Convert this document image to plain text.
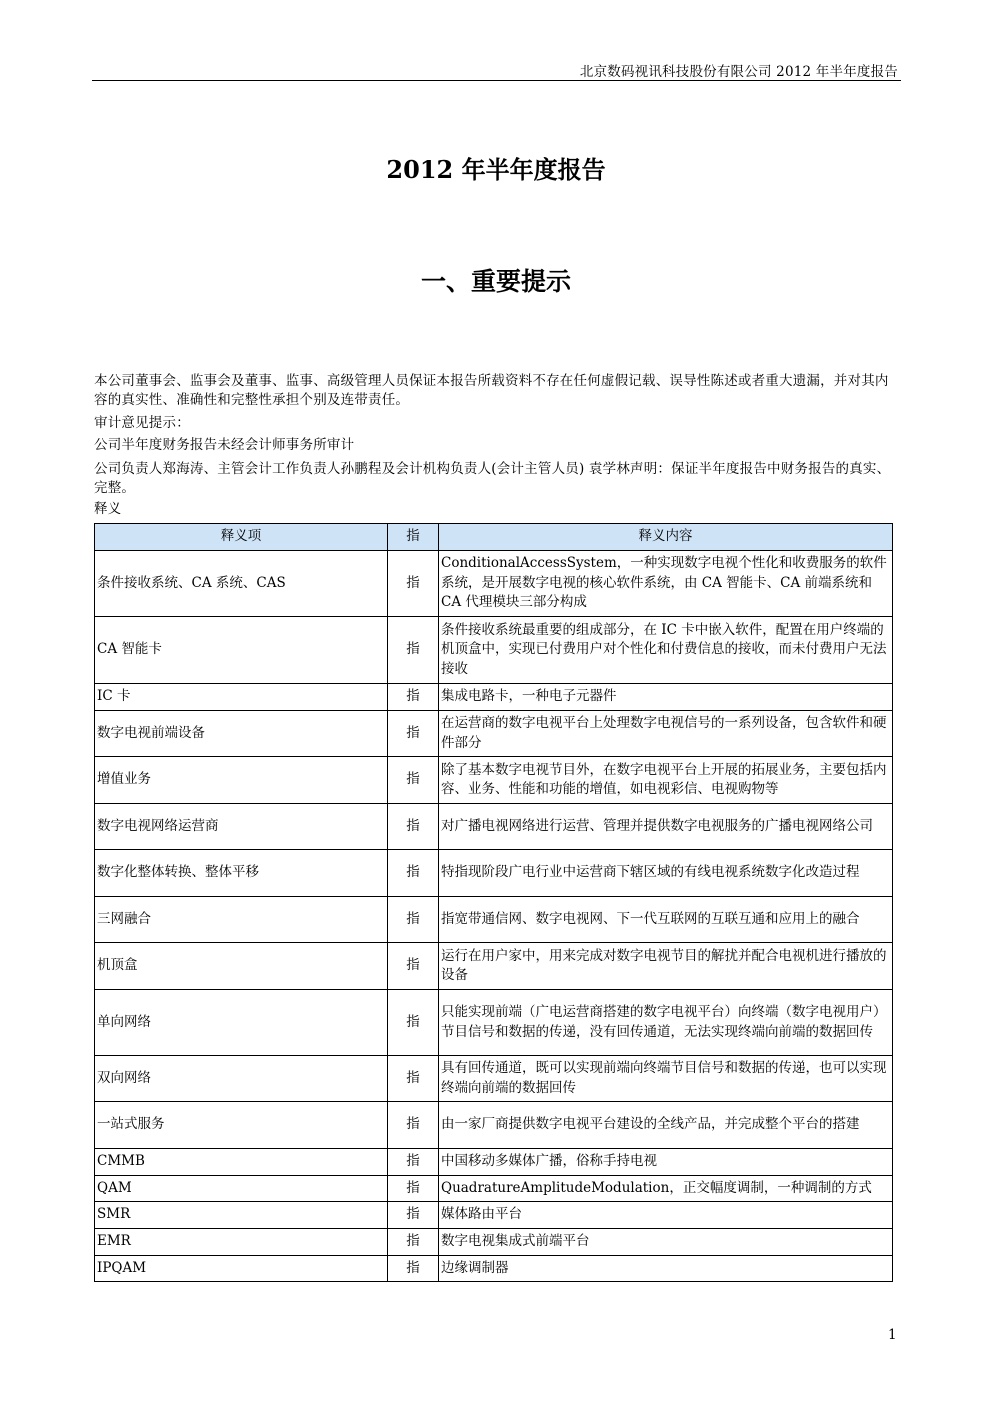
北京数码视讯科技股份有限公司 2012 年半年度报告
2012 年半年度报告
一、重要提示
本公司董事会、监事会及董事、监事、高级管理人员保证本报告所载资料不存在任何虚假记载、误导性陈述或者重大遗漏，并对其内容的真实性、准确性和完整性承担个别及连带责任。
审计意见提示：
公司半年度财务报告未经会计师事务所审计
公司负责人郑海涛、主管会计工作负责人孙鹏程及会计机构负责人(会计主管人员) 袁学林声明：保证半年度报告中财务报告的真实、完整。
释义
释义项	指	释义内容
条件接收系统、CA 系统、CAS	指	ConditionalAccessSystem，一种实现数字电视个性化和收费服务的软件系统，是开展数字电视的核心软件系统，由 CA 智能卡、CA 前端系统和 CA 代理模块三部分构成
CA 智能卡	指	条件接收系统最重要的组成部分，在 IC 卡中嵌入软件，配置在用户终端的机顶盒中，实现已付费用户对个性化和付费信息的接收，而未付费用户无法接收
IC 卡	指	集成电路卡，一种电子元器件
数字电视前端设备	指	在运营商的数字电视平台上处理数字电视信号的一系列设备，包含软件和硬件部分
增值业务	指	除了基本数字电视节目外，在数字电视平台上开展的拓展业务，主要包括内容、业务、性能和功能的增值，如电视彩信、电视购物等
数字电视网络运营商	指	对广播电视网络进行运营、管理并提供数字电视服务的广播电视网络公司
数字化整体转换、整体平移	指	特指现阶段广电行业中运营商下辖区域的有线电视系统数字化改造过程
三网融合	指	指宽带通信网、数字电视网、下一代互联网的互联互通和应用上的融合
机顶盒	指	运行在用户家中，用来完成对数字电视节目的解扰并配合电视机进行播放的设备
单向网络	指	只能实现前端（广电运营商搭建的数字电视平台）向终端（数字电视用户）节目信号和数据的传递，没有回传通道，无法实现终端向前端的数据回传
双向网络	指	具有回传通道，既可以实现前端向终端节目信号和数据的传递，也可以实现终端向前端的数据回传
一站式服务	指	由一家厂商提供数字电视平台建设的全线产品，并完成整个平台的搭建
CMMB	指	中国移动多媒体广播，俗称手持电视
QAM	指	QuadratureAmplitudeModulation，正交幅度调制，一种调制的方式
SMR	指	媒体路由平台
EMR	指	数字电视集成式前端平台
IPQAM	指	边缘调制器
1
